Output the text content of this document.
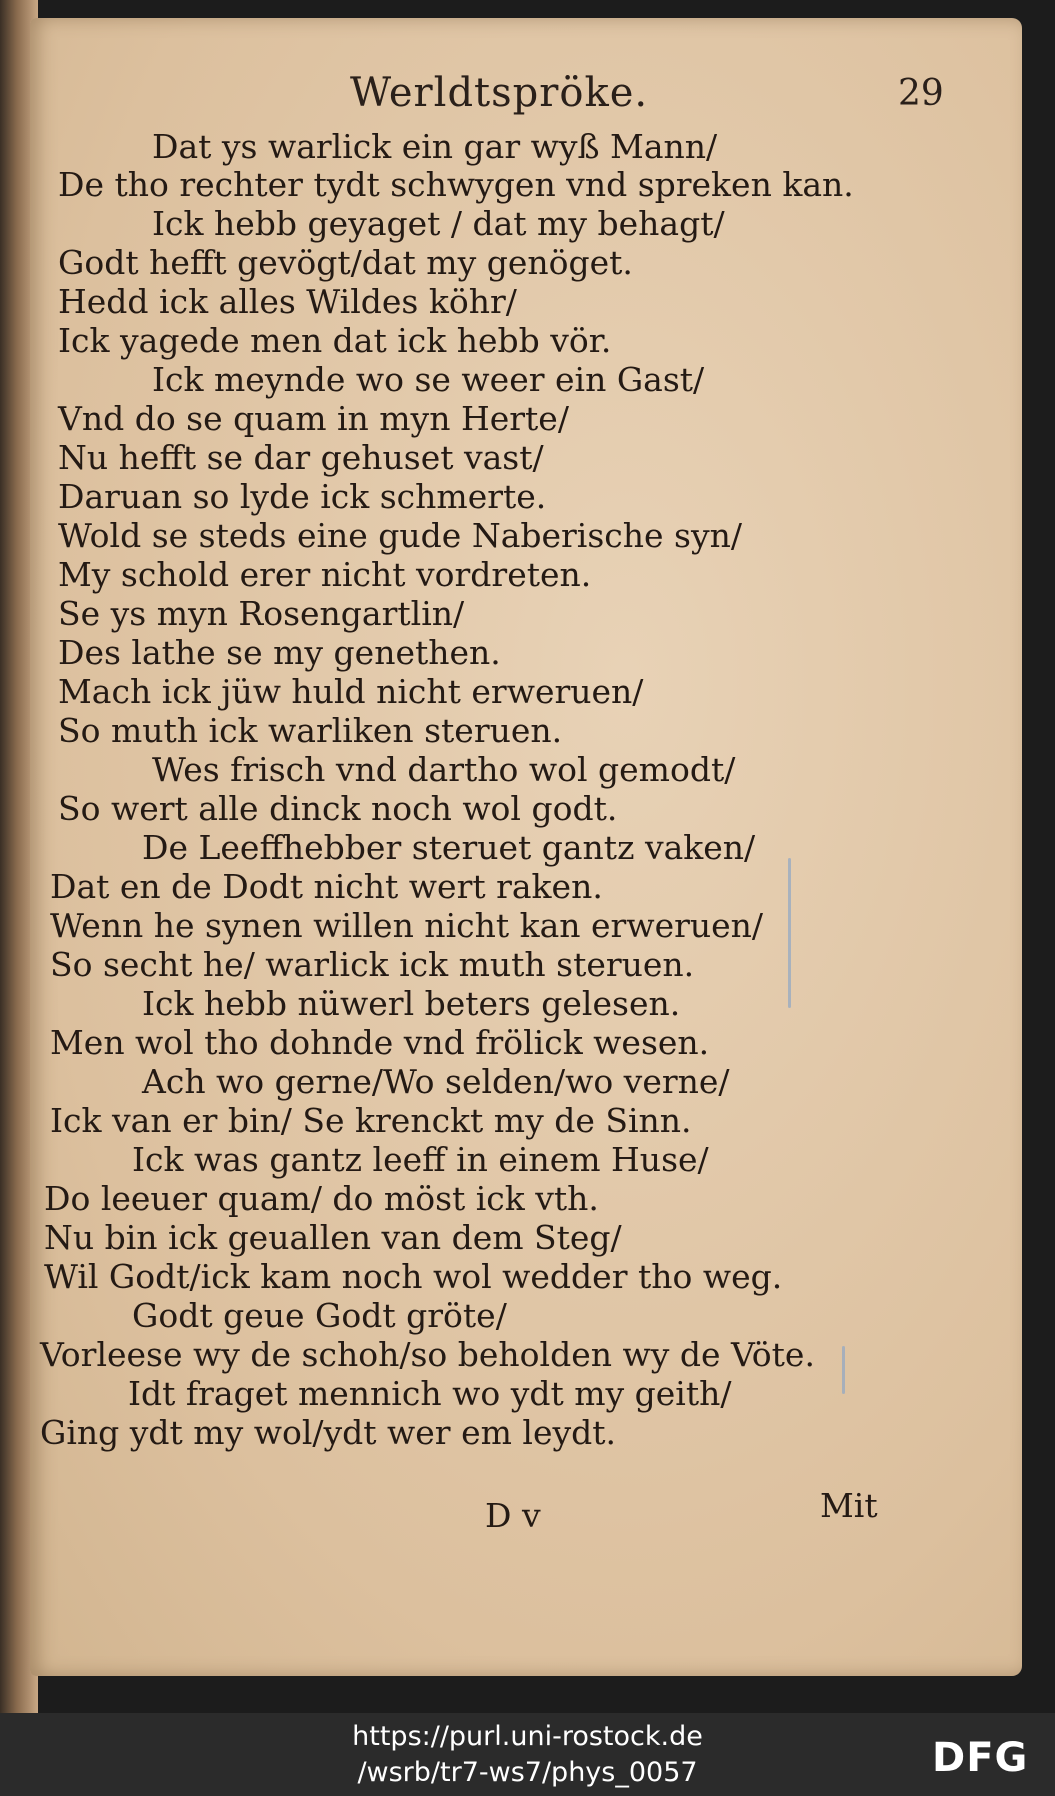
Werldtspröke.	29
Dat ys warlick ein gar wyß Mann/
De tho rechter tydt schwygen vnd spreken kan.
Ick hebb geyaget / dat my behagt/
Godt hefft gevögt/dat my genöget.
Hedd ick alles Wildes köhr/
Ick yagede men dat ick hebb vör.
Ick meynde wo se weer ein Gast/
Vnd do se quam in myn Herte/
Nu hefft se dar gehuset vast/
Daruan so lyde ick schmerte.
Wold se steds eine gude Naberische syn/
My schold erer nicht vordreten.
Se ys myn Rosengartlin/
Des lathe se my genethen.
Mach ick jüw huld nicht erweruen/
So muth ick warliken steruen.
Wes frisch vnd dartho wol gemodt/
So wert alle dinck noch wol godt.
De Leeffhebber steruet gantz vaken/
Dat en de Dodt nicht wert raken.
Wenn he synen willen nicht kan erweruen/
So secht he/ warlick ick muth steruen.
Ick hebb nüwerl beters gelesen.
Men wol tho dohnde vnd frölick wesen.
Ach wo gerne/Wo selden/wo verne/
Ick van er bin/ Se krenckt my de Sinn.
Ick was gantz leeff in einem Huse/
Do leeuer quam/ do möst ick vth.
Nu bin ick geuallen van dem Steg/
Wil Godt/ick kam noch wol wedder tho weg.
Godt geue Godt gröte/
Vorleese wy de schoh/so beholden wy de Vöte.
Idt fraget mennich wo ydt my geith/
Ging ydt my wol/ydt wer em leydt.
D v	Mit
https://purl.uni-rostock.de
/wsrb/tr7-ws7/phys_0057	DFG
